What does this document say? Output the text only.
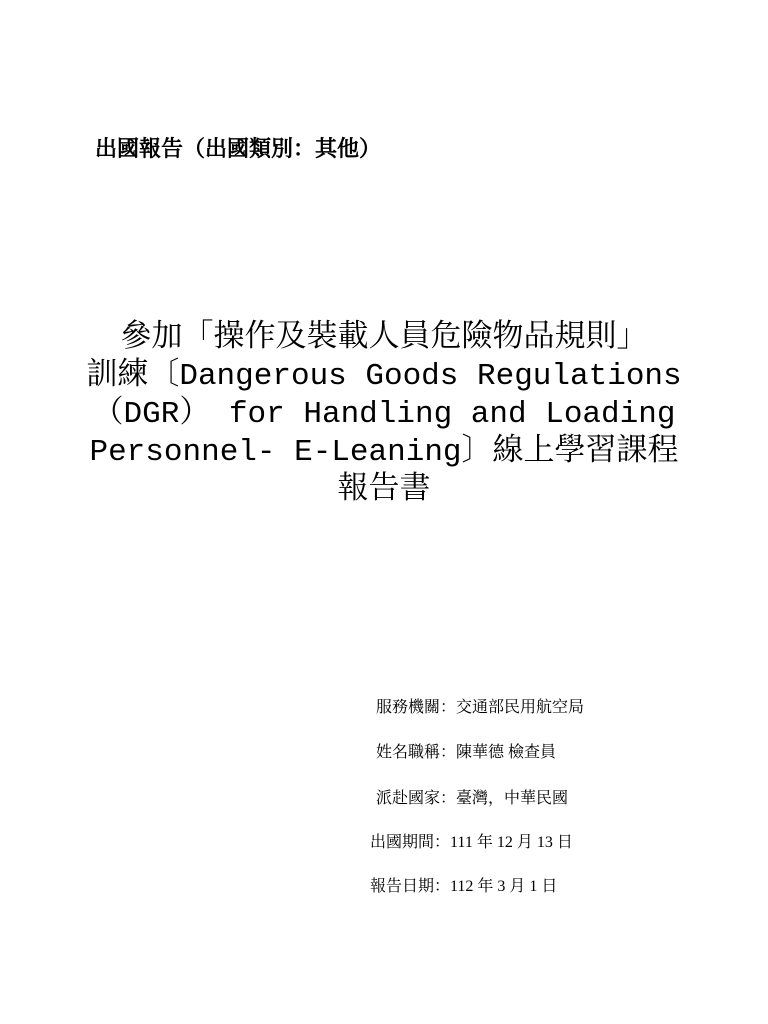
出國報告（出國類別：其他）
參加「操作及裝載人員危險物品規則」
訓練〔Dangerous Goods Regulations
（DGR） for Handling and Loading
Personnel- E-Leaning〕線上學習課程
報告書
服務機關：交通部民用航空局
姓名職稱：陳華德 檢查員
派赴國家：臺灣，中華民國
出國期間：111 年 12 月 13 日
報告日期：112 年 3 月 1 日
